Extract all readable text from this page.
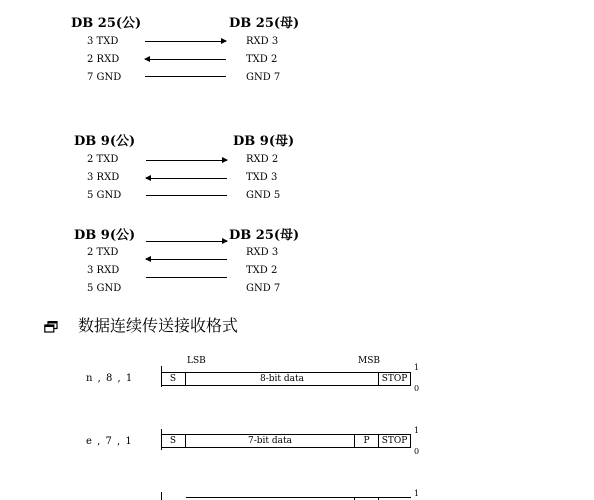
DB 25(公)	DB 25(母)
3 TXD	RXD 3
2 RXD	TXD 2
7 GND	GND 7
DB 9(公)	DB 9(母)
2 TXD	RXD 2
3 RXD	TXD 3
5 GND	GND 5
DB 9(公)	DB 25(母)
2 TXD	RXD 3
3 RXD	TXD 2
5 GND	GND 7
数据连续传送接收格式
LSB	MSB
n , 8 , 1	S	8-bit data	STOP
1
0
e , 7 , 1	S	7-bit data	P	STOP
1
0
1
